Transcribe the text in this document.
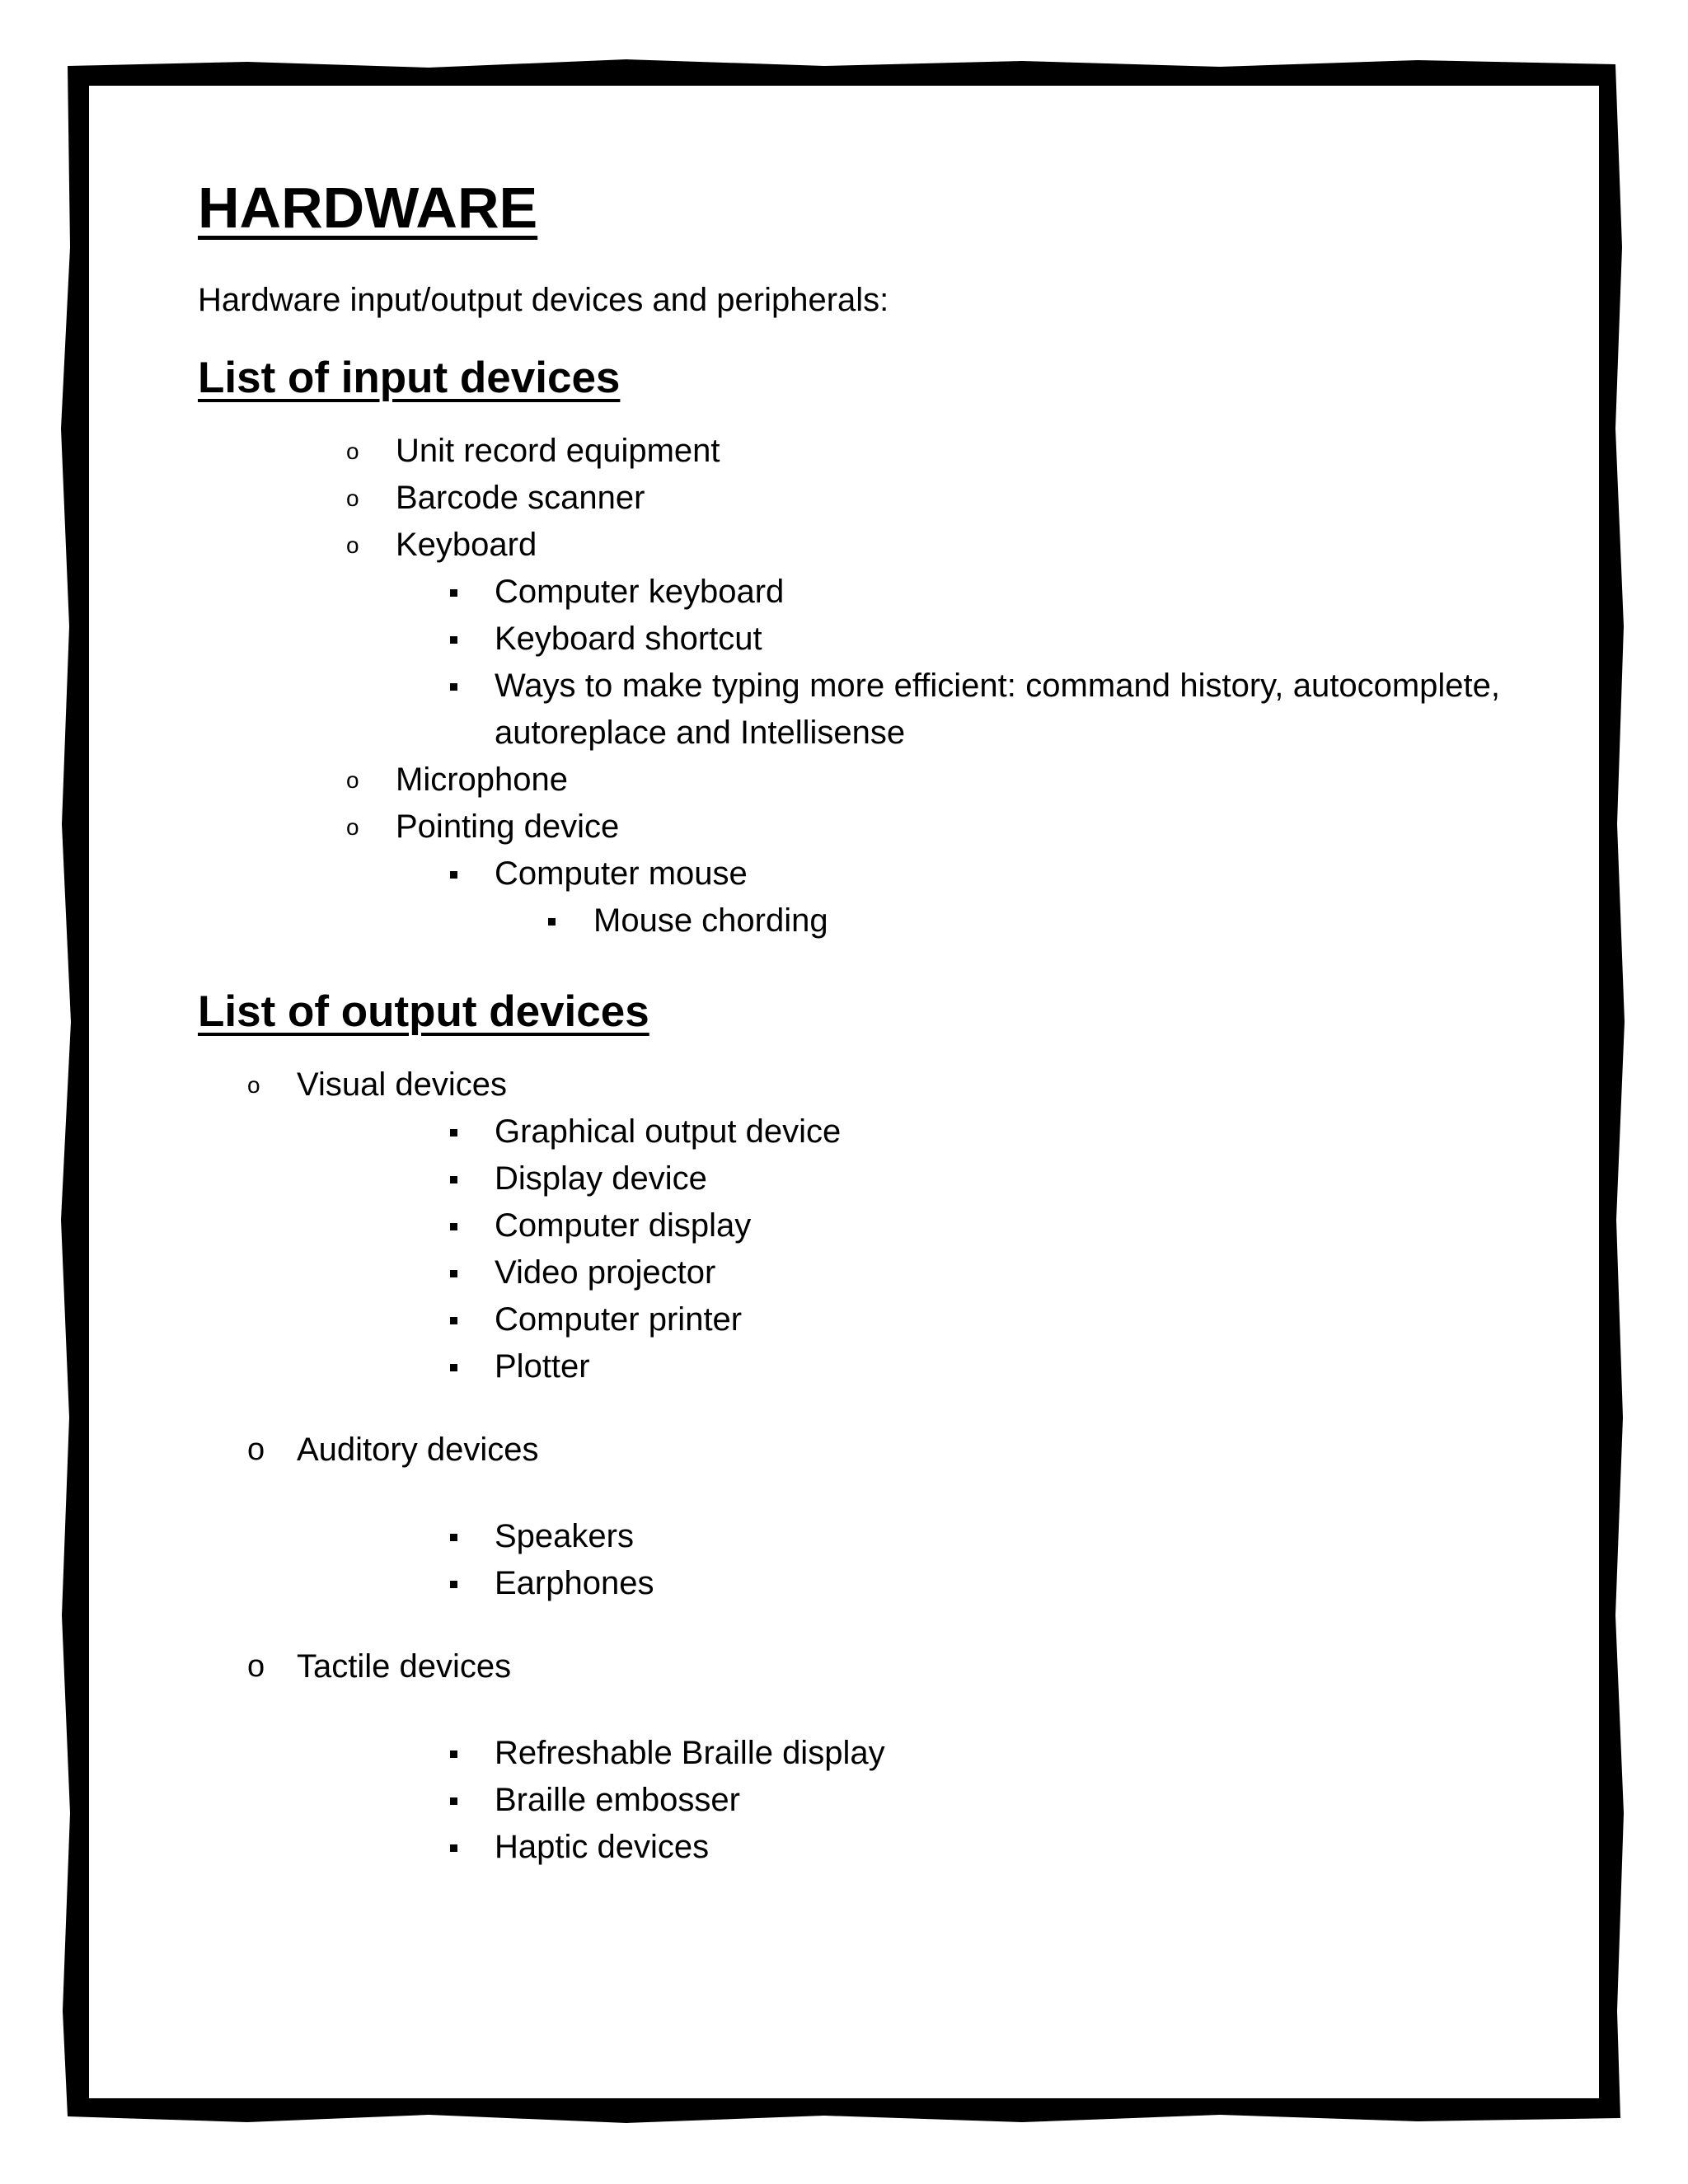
HARDWARE

Hardware input/output devices and peripherals:

List of input devices
o Unit record equipment
o Barcode scanner
o Keyboard
Computer keyboard
Keyboard shortcut
Ways to make typing more efficient: command history, autocomplete, autoreplace and Intellisense
o Microphone
o Pointing device
Computer mouse
Mouse chording
List of output devices
o Visual devices
Graphical output device
Display device
Computer display
Video projector
Computer printer
Plotter
o Auditory devices
Speakers
Earphones
o Tactile devices
Refreshable Braille display
Braille embosser
Haptic devices
